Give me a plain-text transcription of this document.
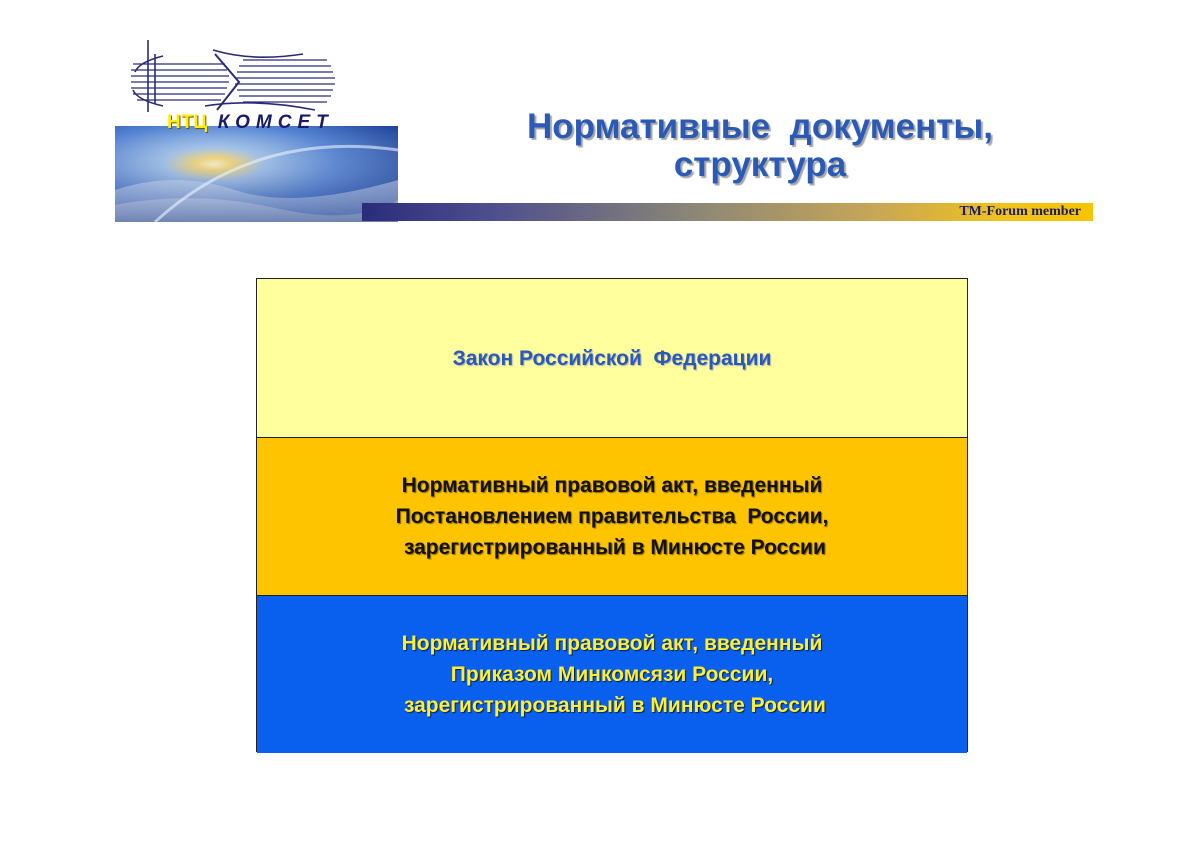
НТЦ КОМСЕТ	Нормативные  документы,
структура
TM-Forum member
Закон Российской  Федерации
Нормативный правовой акт, введенный
Постановлением правительства  России,
зарегистрированный в Минюсте России
Нормативный правовой акт, введенный
Приказом Минкомсязи России,
зарегистрированный в Минюсте России
